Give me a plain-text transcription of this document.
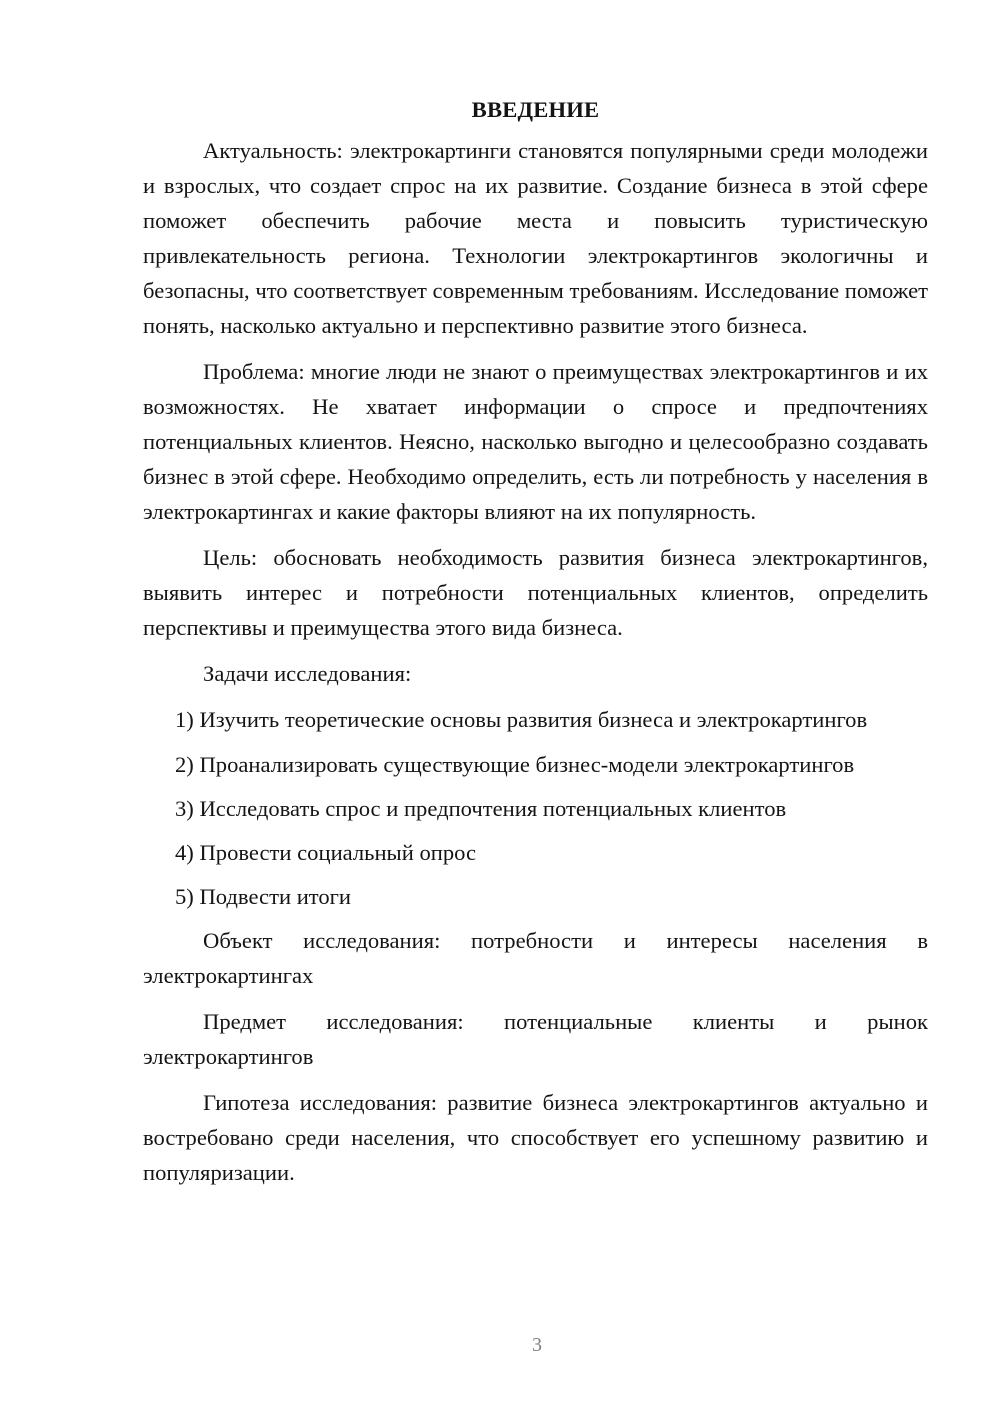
ВВЕДЕНИЕ

Актуальность: электрокартинги становятся популярными среди молодежи и взрослых, что создает спрос на их развитие. Создание бизнеса в этой сфере поможет обеспечить рабочие места и повысить туристическую привлекательность региона. Технологии электрокартингов экологичны и безопасны, что соответствует современным требованиям. Исследование поможет понять, насколько актуально и перспективно развитие этого бизнеса.

Проблема: многие люди не знают о преимуществах электрокартингов и их возможностях. Не хватает информации о спросе и предпочтениях потенциальных клиентов. Неясно, насколько выгодно и целесообразно создавать бизнес в этой сфере. Необходимо определить, есть ли потребность у населения в электрокартингах и какие факторы влияют на их популярность.

Цель: обосновать необходимость развития бизнеса электрокартингов, выявить интерес и потребности потенциальных клиентов, определить перспективы и преимущества этого вида бизнеса.

Задачи исследования:

1) Изучить теоретические основы развития бизнеса и электрокартингов

2) Проанализировать существующие бизнес-модели электрокартингов

3) Исследовать спрос и предпочтения потенциальных клиентов

4) Провести социальный опрос

5) Подвести итоги

Объект исследования: потребности и интересы населения в электрокартингах

Предмет исследования: потенциальные клиенты и рынок электрокартингов

Гипотеза исследования: развитие бизнеса электрокартингов актуально и востребовано среди населения, что способствует его успешному развитию и популяризации.

3
